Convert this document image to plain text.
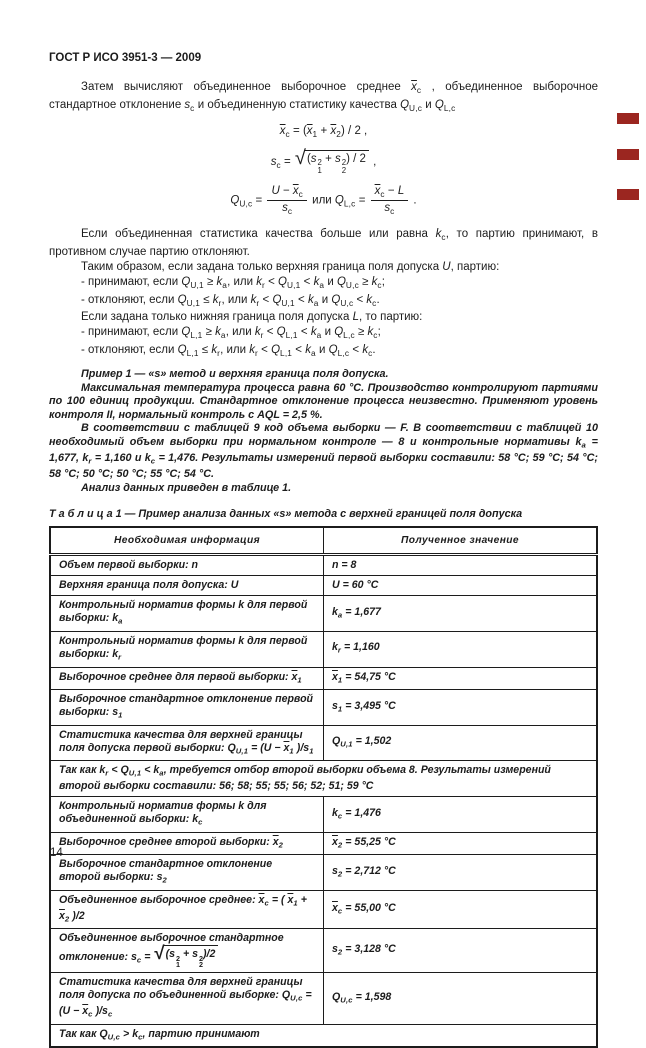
ГОСТ Р ИСО 3951-3 — 2009

Затем вычисляют объединенное выборочное среднее $\overline{x}_c$ , объединенное выборочное стандартное отклонение $s_c$ и объединенную статистику качества $Q_{U,c}$ и $Q_{L,c}$

$\overline{x}_c = (\overline{x}_1 + \overline{x}_2) / 2$ ,
$s_c$ = √ (s 2
1
+ s 2
2
) / 2 ,
$Q_{U,c} = \frac{U - \overline{x}_c}{s_c}$ или $Q_{L,c} = \frac{\overline{x}_c - L}{s_c}$ .

Если объединенная статистика качества больше или равна $k_c$, то партию принимают, в противном случае партию отклоняют.

Таким образом, если задана только верхняя граница поля допуска U, партию:

- принимают, если $Q_{U,1} \ge k_a$, или $k_r < Q_{U,1} < k_a$ и $Q_{U,c} \ge k_c$;

- отклоняют, если $Q_{U,1} \le k_r$, или $k_r < Q_{U,1} < k_a$ и $Q_{U,c} < k_c$.

Если задана только нижняя граница поля допуска L, то партию:

- принимают, если $Q_{L,1} \ge k_a$, или $k_r < Q_{L,1} < k_a$ и $Q_{L,c} \ge k_c$;

- отклоняют, если $Q_{L,1} \le k_r$, или $k_r < Q_{L,1} < k_a$ и $Q_{L,c} < k_c$.

Пример 1 — «s» метод и верхняя граница поля допуска.

Максимальная температура процесса равна 60 °С. Производство контролируют партиями по 100 единиц продукции. Стандартное отклонение процесса неизвестно. Применяют уровень контроля II, нормальный контроль с AQL = 2,5 %.

В соответствии с таблицей 9 код объема выборки — F. В соответствии с таблицей 10 необходимый объем выборки при нормальном контроле — 8 и контрольные нормативы $k_a = 1,677$, $k_r = 1,160$ и $k_c = 1,476$. Результаты измерений первой выборки составили: 58 °С; 59 °С; 54 °С; 58 °С; 50 °С; 50 °С; 55 °С; 54 °С.

Анализ данных приведен в таблице 1.

Т а б л и ц а 1 — Пример анализа данных «s» метода с верхней границей поля допуска
Необходимая информация	Полученное значение
Объем первой выборки: n	n = 8
Верхняя граница поля допуска: U	U = 60 °С
Контрольный норматив формы k для первой выборки: $k_a$	$k_a = 1,677$
Контрольный норматив формы k для первой выборки: $k_r$	$k_r = 1,160$
Выборочное среднее для первой выборки: $\overline{x}_1$	$\overline{x}_1 = 54,75$ °С
Выборочное стандартное отклонение первой выборки: $s_1$	$s_1 = 3,495$ °С
Статистика качества для верхней границы поля допуска первой выборки: $Q_{U,1} = (U - \overline{x}_1$ )$/s_1$	$Q_{U,1} = 1,502$
Так как $k_r < Q_{U,1} < k_a$, требуется отбор второй выборки объема 8. Результаты измерений второй выборки составили: 56; 58; 55; 55; 56; 52; 51; 59 °С	
Контрольный норматив формы k для объединенной выборки: $k_c$	$k_c = 1,476$
Выборочное среднее второй выборки: $\overline{x}_2$	$\overline{x}_2 = 55,25$ °С
Выборочное стандартное отклонение второй выборки: $s_2$	$s_2 = 2,712$ °С
Объединенное выборочное среднее: $\overline{x}_c$ = ( $\overline{x}_1 + \overline{x}_2$ )/2	$\overline{x}_c = 55,00$ °С
Объединенное выборочное стандартное отклонение: $s_c$ = √ (s 2
1
+ s 2
2
)/2	$s_2 = 3,128$ °С
Статистика качества для верхней границы поля допуска по объединенной выборке: $Q_{U,c} = (U - \overline{x}_c$ )$/s_c$	$Q_{U,c} = 1,598$
Так как $Q_{U,c} > k_c$, партию принимают	
14
